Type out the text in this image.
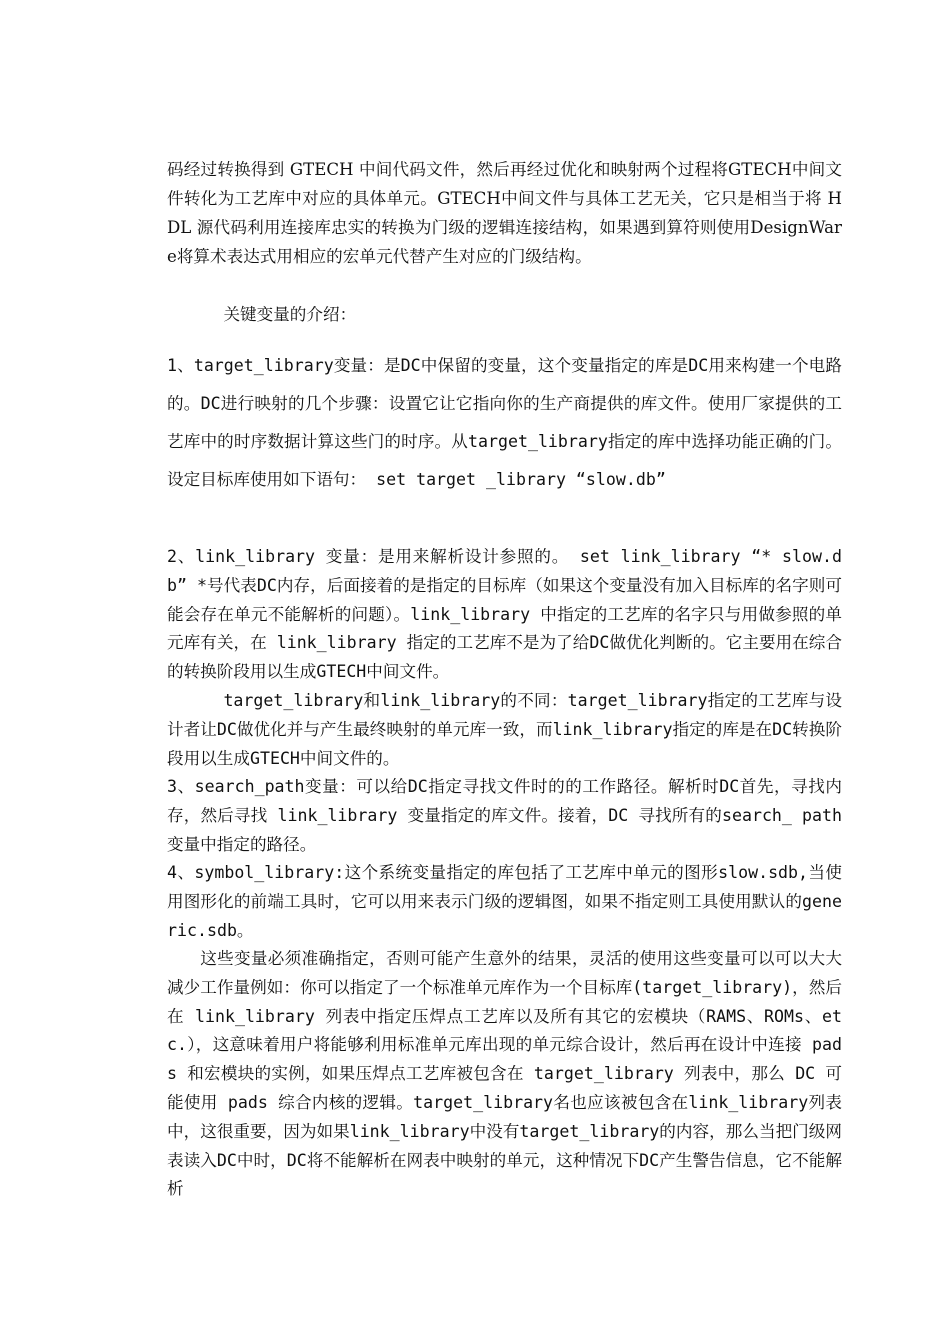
码经过转换得到 GTECH 中间代码文件，然后再经过优化和映射两个过程将GTECH中间文件转化为工艺库中对应的具体单元。GTECH中间文件与具体工艺无关，它只是相当于将 HDL 源代码利用连接库忠实的转换为门级的逻辑连接结构，如果遇到算符则使用DesignWare将算术表达式用相应的宏单元代替产生对应的门级结构。

关键变量的介绍：

1、target_library变量：是DC中保留的变量，这个变量指定的库是DC用来构建一个电路的。DC进行映射的几个步骤：设置它让它指向你的生产商提供的库文件。使用厂家提供的工艺库中的时序数据计算这些门的时序。从target_library指定的库中选择功能正确的门。设定目标库使用如下语句： set target _library “slow.db”

2、link_library 变量：是用来解析设计参照的。 set link_library “* slow.db” *号代表DC内存，后面接着的是指定的目标库（如果这个变量没有加入目标库的名字则可能会存在单元不能解析的问题）。link_library 中指定的工艺库的名字只与用做参照的单元库有关，在 link_library 指定的工艺库不是为了给DC做优化判断的。它主要用在综合的转换阶段用以生成GTECH中间文件。

target_library和link_library的不同：target_library指定的工艺库与设计者让DC做优化并与产生最终映射的单元库一致，而link_library指定的库是在DC转换阶段用以生成GTECH中间文件的。

3、search_path变量：可以给DC指定寻找文件时的的工作路径。解析时DC首先，寻找内存，然后寻找 link_library 变量指定的库文件。接着，DC 寻找所有的search_ path变量中指定的路径。

4、symbol_library:这个系统变量指定的库包括了工艺库中单元的图形slow.sdb,当使用图形化的前端工具时，它可以用来表示门级的逻辑图，如果不指定则工具使用默认的generic.sdb。

这些变量必须准确指定，否则可能产生意外的结果，灵活的使用这些变量可以可以大大减少工作量例如：你可以指定了一个标准单元库作为一个目标库(target_library)，然后在 link_library 列表中指定压焊点工艺库以及所有其它的宏模块（RAMS、ROMs、etc.），这意味着用户将能够利用标准单元库出现的单元综合设计，然后再在设计中连接 pads 和宏模块的实例，如果压焊点工艺库被包含在 target_library 列表中，那么 DC 可能使用 pads 综合内核的逻辑。target_library名也应该被包含在link_library列表中，这很重要，因为如果link_library中没有target_library的内容，那么当把门级网表读入DC中时，DC将不能解析在网表中映射的单元，这种情况下DC产生警告信息，它不能解析
